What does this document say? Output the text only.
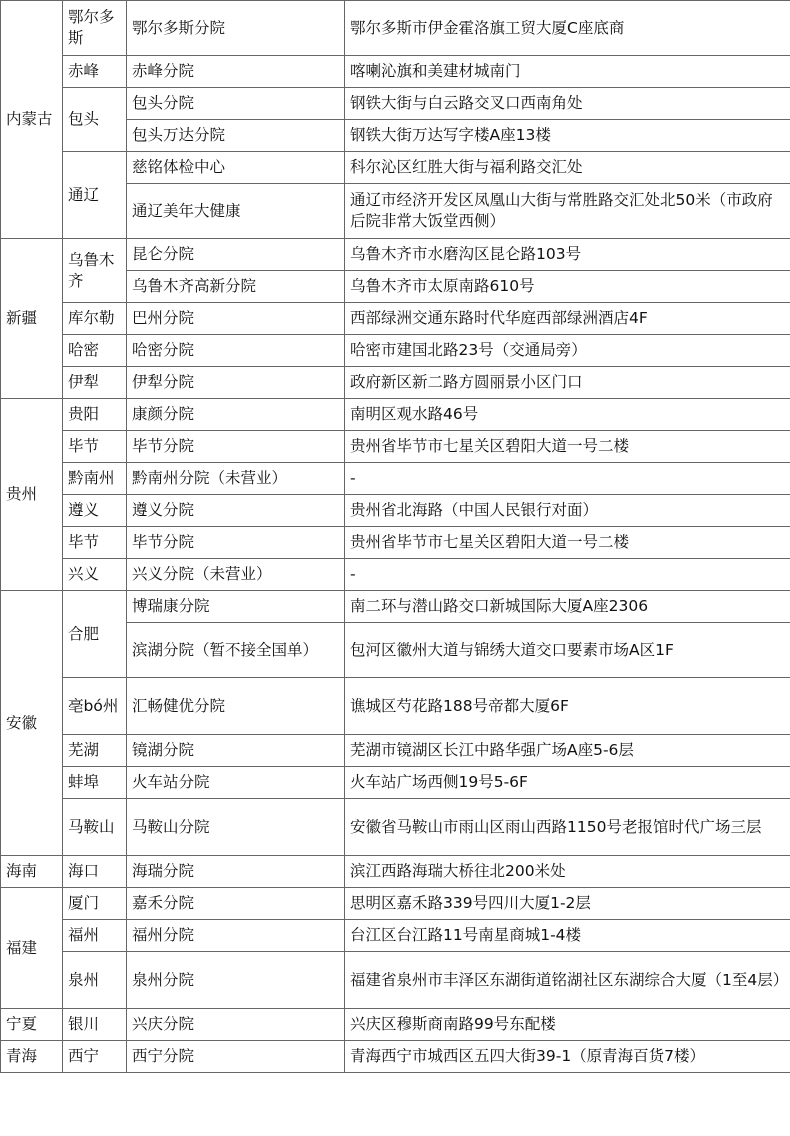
内蒙古	鄂尔多斯	鄂尔多斯分院	鄂尔多斯市伊金霍洛旗工贸大厦C座底商
	赤峰	赤峰分院	喀喇沁旗和美建材城南门
	包头	包头分院	钢铁大街与白云路交叉口西南角处
		包头万达分院	钢铁大街万达写字楼A座13楼
	通辽	慈铭体检中心	科尔沁区红胜大街与福利路交汇处
		通辽美年大健康	通辽市经济开发区凤凰山大街与常胜路交汇处北50米（市政府后院非常大饭堂西侧）
新疆	乌鲁木齐	昆仑分院	乌鲁木齐市水磨沟区昆仑路103号
		乌鲁木齐高新分院	乌鲁木齐市太原南路610号
	库尔勒	巴州分院	西部绿洲交通东路时代华庭西部绿洲酒店4F
	哈密	哈密分院	哈密市建国北路23号（交通局旁）
	伊犁	伊犁分院	政府新区新二路方圆丽景小区门口
贵州	贵阳	康颜分院	南明区观水路46号
	毕节	毕节分院	贵州省毕节市七星关区碧阳大道一号二楼
	黔南州	黔南州分院（未营业）	-
	遵义	遵义分院	贵州省北海路（中国人民银行对面）
	毕节	毕节分院	贵州省毕节市七星关区碧阳大道一号二楼
	兴义	兴义分院（未营业）	-
安徽	合肥	博瑞康分院	南二环与潜山路交口新城国际大厦A座2306
		滨湖分院（暂不接全国单）	包河区徽州大道与锦绣大道交口要素市场A区1F
	亳bó州	汇畅健优分院	谯城区芍花路188号帝都大厦6F
	芜湖	镜湖分院	芜湖市镜湖区长江中路华强广场A座5-6层
	蚌埠	火车站分院	火车站广场西侧19号5-6F
	马鞍山	马鞍山分院	安徽省马鞍山市雨山区雨山西路1150号老报馆时代广场三层
海南	海口	海瑞分院	滨江西路海瑞大桥往北200米处
福建	厦门	嘉禾分院	思明区嘉禾路339号四川大厦1-2层
	福州	福州分院	台江区台江路11号南星商城1-4楼
	泉州	泉州分院	福建省泉州市丰泽区东湖街道铭湖社区东湖综合大厦（1至4层）
宁夏	银川	兴庆分院	兴庆区穆斯商南路99号东配楼
青海	西宁	西宁分院	青海西宁市城西区五四大街39-1（原青海百货7楼）
